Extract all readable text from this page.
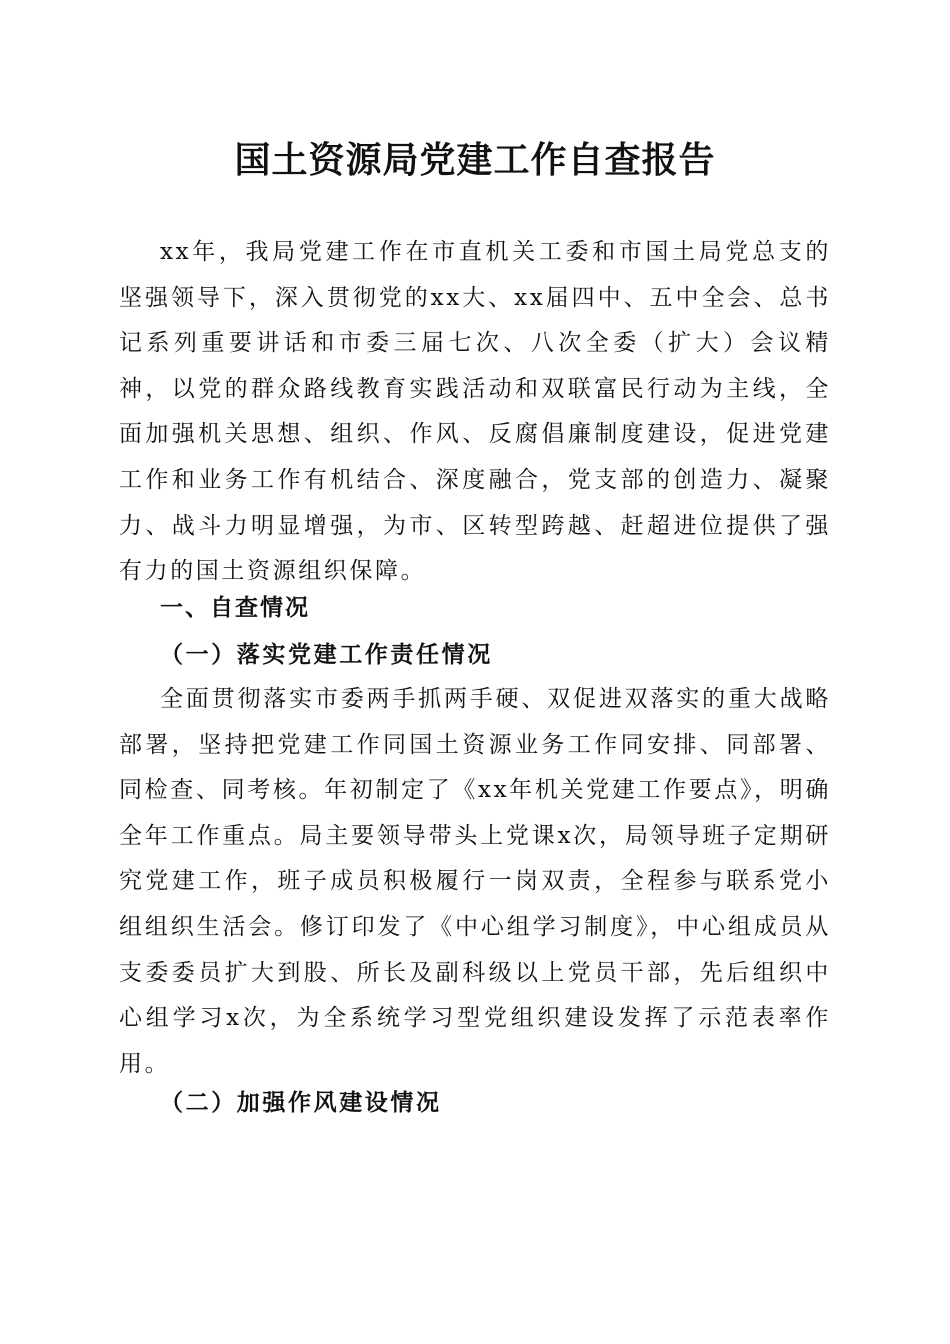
国土资源局党建工作自查报告

xx年，我局党建工作在市直机关工委和市国土局党总支的坚强领导下，深入贯彻党的xx大、xx届四中、五中全会、总书记系列重要讲话和市委三届七次、八次全委（扩大）会议精神，以党的群众路线教育实践活动和双联富民行动为主线，全面加强机关思想、组织、作风、反腐倡廉制度建设，促进党建工作和业务工作有机结合、深度融合，党支部的创造力、凝聚力、战斗力明显增强，为市、区转型跨越、赶超进位提供了强有力的国土资源组织保障。

一、自查情况
（一）落实党建工作责任情况

全面贯彻落实市委两手抓两手硬、双促进双落实的重大战略部署，坚持把党建工作同国土资源业务工作同安排、同部署、同检查、同考核。年初制定了《xx年机关党建工作要点》，明确全年工作重点。局主要领导带头上党课x次，局领导班子定期研究党建工作，班子成员积极履行一岗双责，全程参与联系党小组组织生活会。修订印发了《中心组学习制度》，中心组成员从支委委员扩大到股、所长及副科级以上党员干部，先后组织中心组学习x次，为全系统学习型党组织建设发挥了示范表率作用。

（二）加强作风建设情况
